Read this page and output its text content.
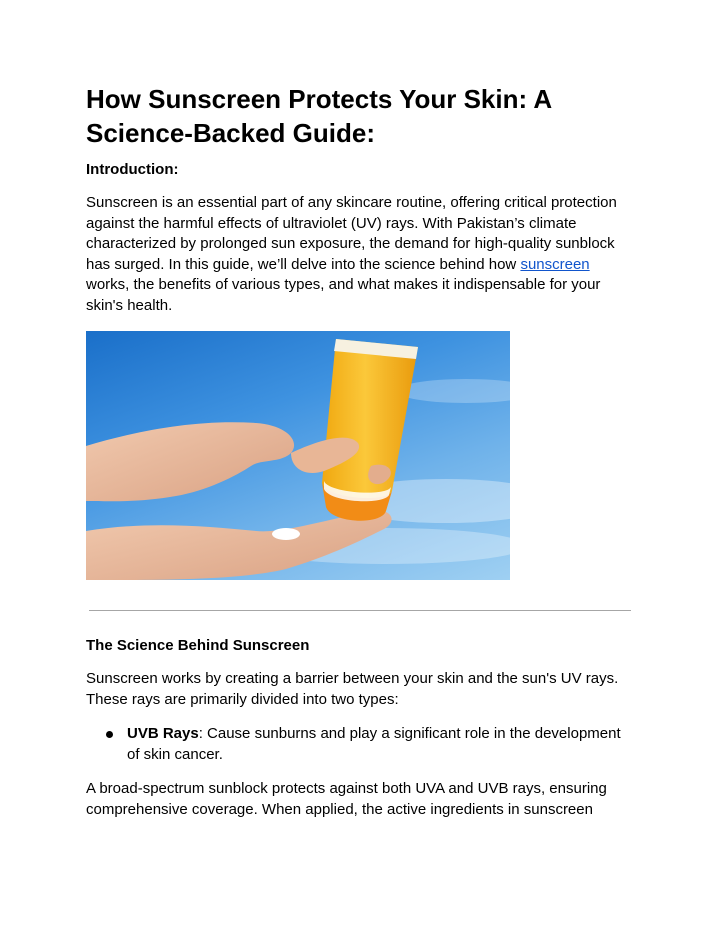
How Sunscreen Protects Your Skin: A Science-Backed Guide:

Introduction:

Sunscreen is an essential part of any skincare routine, offering critical protection against the harmful effects of ultraviolet (UV) rays. With Pakistan’s climate characterized by prolonged sun exposure, the demand for high-quality sunblock has surged. In this guide, we’ll delve into the science behind how sunscreen works, the benefits of various types, and what makes it indispensable for your skin's health.

The Science Behind Sunscreen

Sunscreen works by creating a barrier between your skin and the sun's UV rays. These rays are primarily divided into two types:

UVB Rays: Cause sunburns and play a significant role in the development of skin cancer.

A broad-spectrum sunblock protects against both UVA and UVB rays, ensuring comprehensive coverage. When applied, the active ingredients in sunscreen
